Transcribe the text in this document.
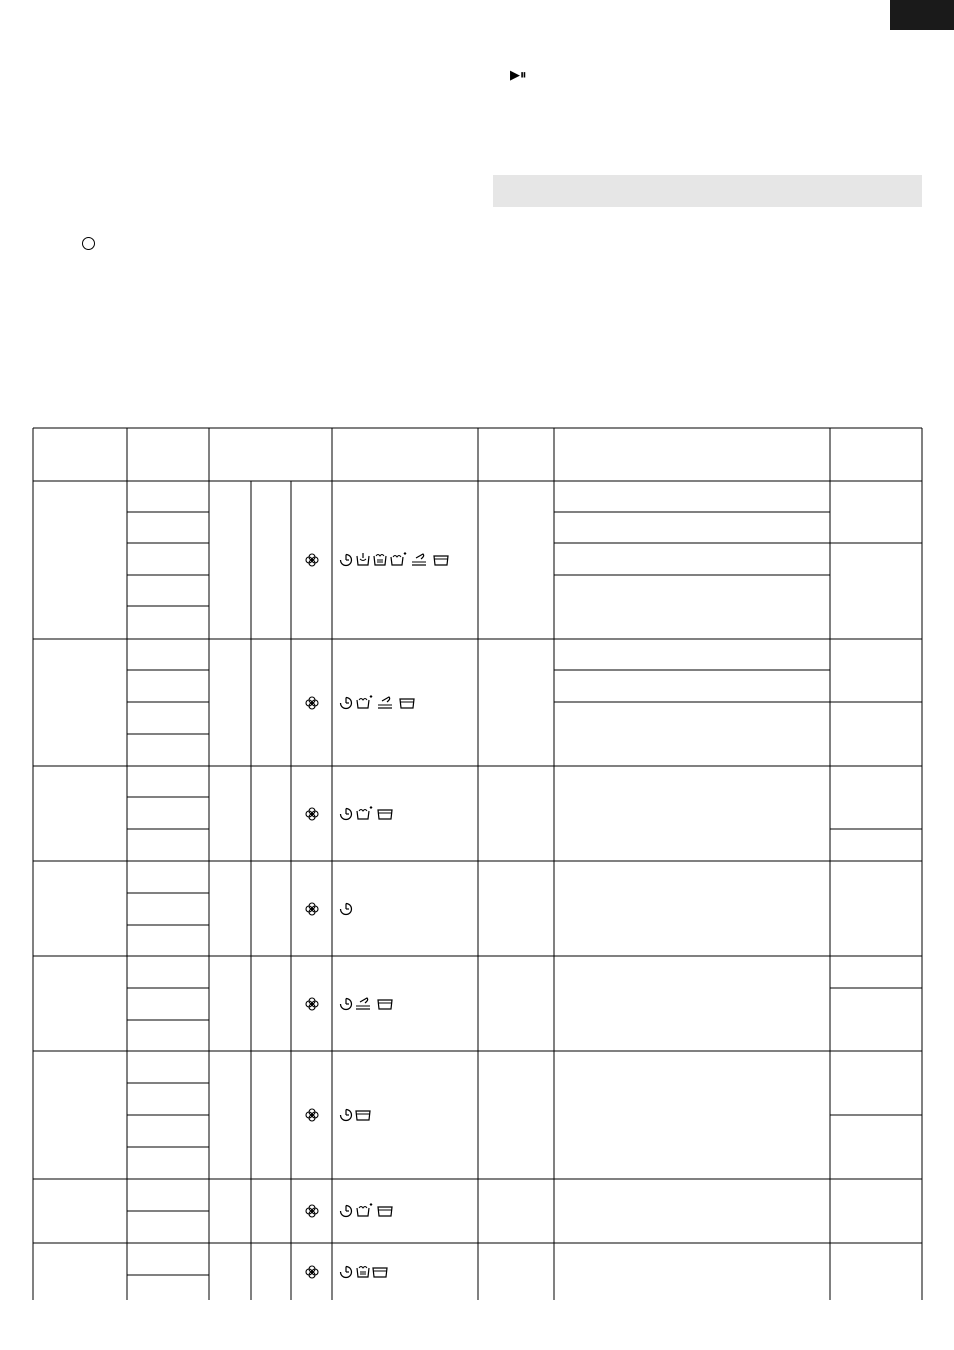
▶⏸
